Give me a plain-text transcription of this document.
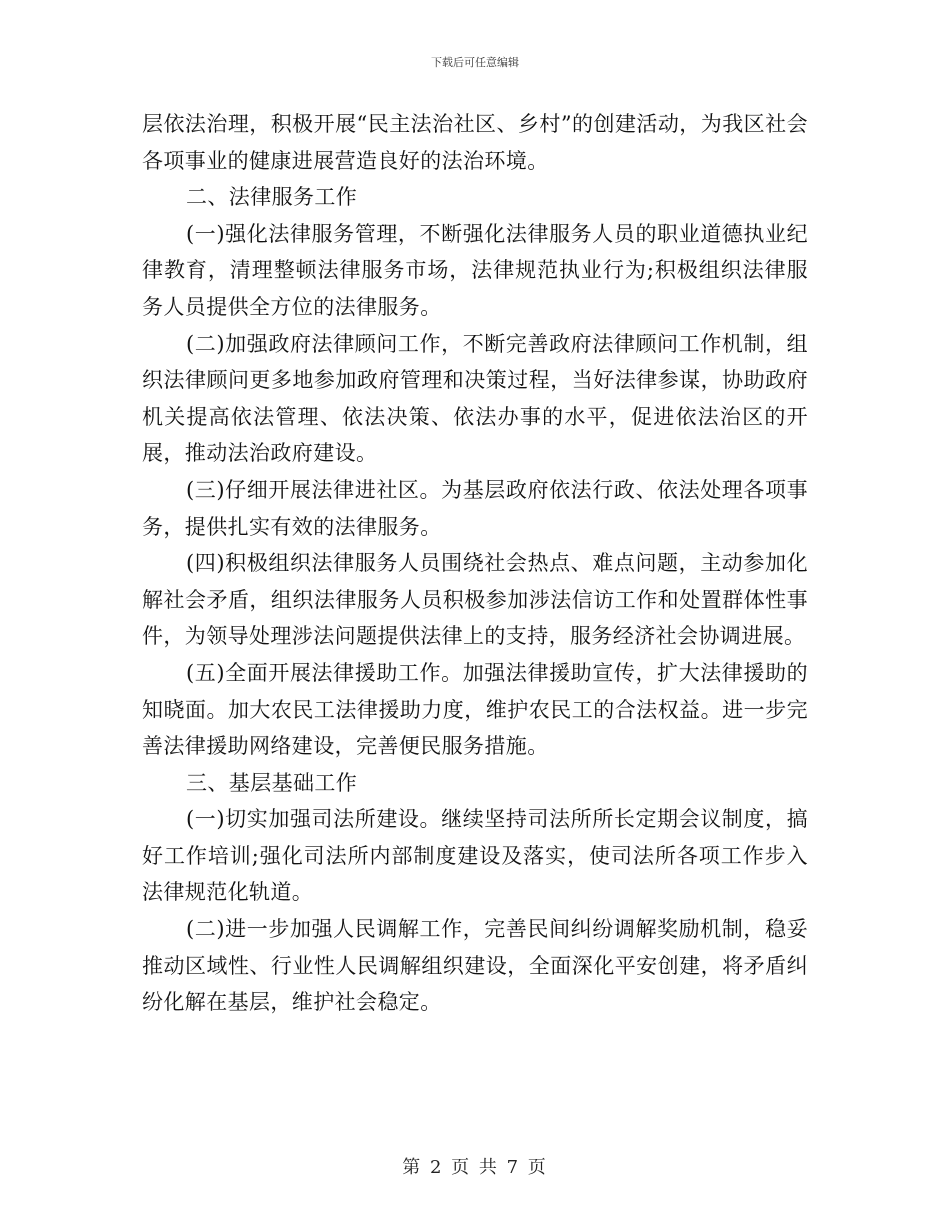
下载后可任意编辑

层依法治理，积极开展“民主法治社区、乡村”的创建活动，为我区社会各项事业的健康进展营造良好的法治环境。

二、法律服务工作

(一)强化法律服务管理，不断强化法律服务人员的职业道德执业纪律教育，清理整顿法律服务市场，法律规范执业行为;积极组织法律服务人员提供全方位的法律服务。

(二)加强政府法律顾问工作，不断完善政府法律顾问工作机制，组织法律顾问更多地参加政府管理和决策过程，当好法律参谋，协助政府机关提高依法管理、依法决策、依法办事的水平，促进依法治区的开展，推动法治政府建设。

(三)仔细开展法律进社区。为基层政府依法行政、依法处理各项事务，提供扎实有效的法律服务。

(四)积极组织法律服务人员围绕社会热点、难点问题，主动参加化解社会矛盾，组织法律服务人员积极参加涉法信访工作和处置群体性事件，为领导处理涉法问题提供法律上的支持，服务经济社会协调进展。

(五)全面开展法律援助工作。加强法律援助宣传，扩大法律援助的知晓面。加大农民工法律援助力度，维护农民工的合法权益。进一步完善法律援助网络建设，完善便民服务措施。

三、基层基础工作

(一)切实加强司法所建设。继续坚持司法所所长定期会议制度，搞好工作培训;强化司法所内部制度建设及落实，使司法所各项工作步入法律规范化轨道。

(二)进一步加强人民调解工作，完善民间纠纷调解奖励机制，稳妥推动区域性、行业性人民调解组织建设，全面深化平安创建，将矛盾纠纷化解在基层，维护社会稳定。

第 2 页 共 7 页
